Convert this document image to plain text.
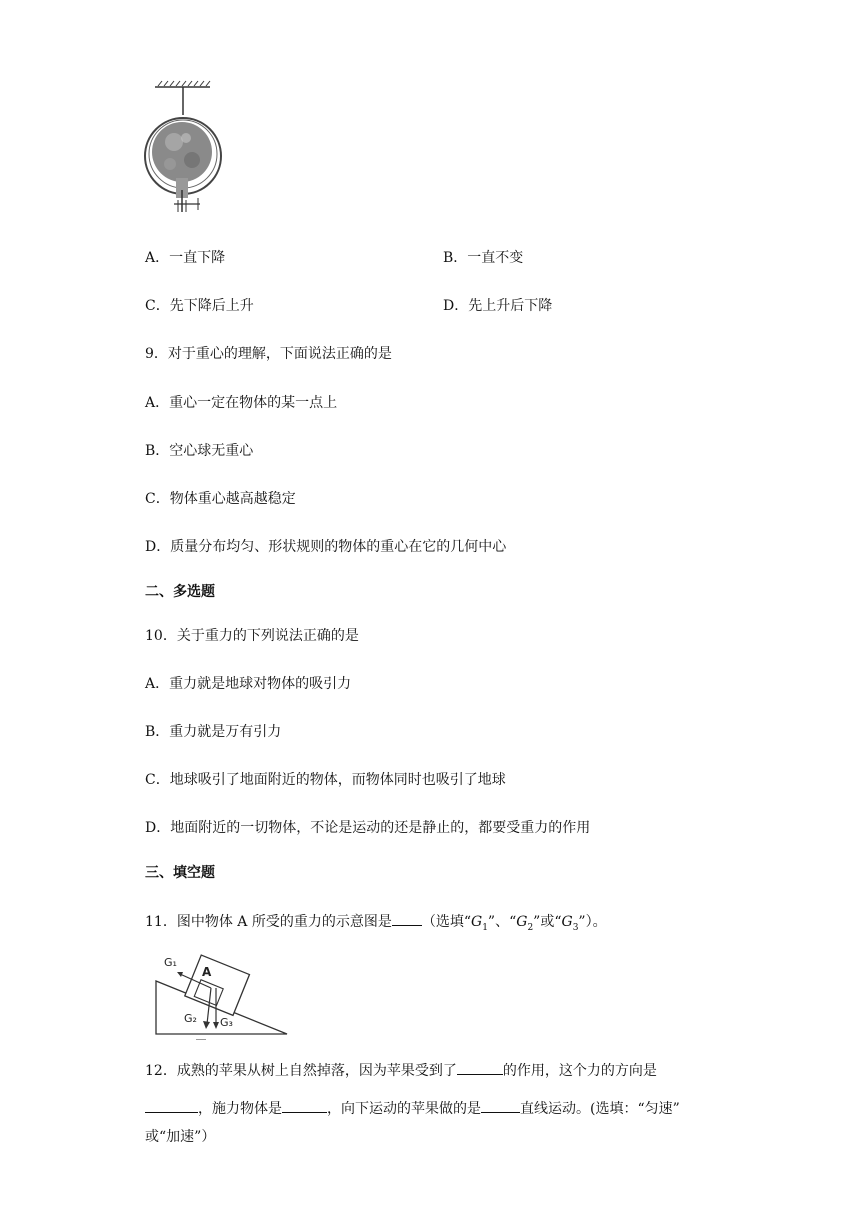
A．一直下降	B．一直不变
C．先下降后上升	D．先上升后下降
9．对于重心的理解，下面说法正确的是
A．重心一定在物体的某一点上
B．空心球无重心
C．物体重心越高越稳定
D．质量分布均匀、形状规则的物体的重心在它的几何中心
二、多选题
10．关于重力的下列说法正确的是
A．重力就是地球对物体的吸引力
B．重力就是万有引力
C．地球吸引了地面附近的物体，而物体同时也吸引了地球
D．地面附近的一切物体，不论是运动的还是静止的，都要受重力的作用
三、填空题
11．图中物体 A 所受的重力的示意图是 （选填“$G_1$”、“$G_2$”或“$G_3$”）。
A
G₁
G₂ G₃
12．成熟的苹果从树上自然掉落，因为苹果受到了	的作用，这个力的方向是
，施力物体是	，向下运动的苹果做的是	直线运动。(选填：“匀速”
或“加速”）
